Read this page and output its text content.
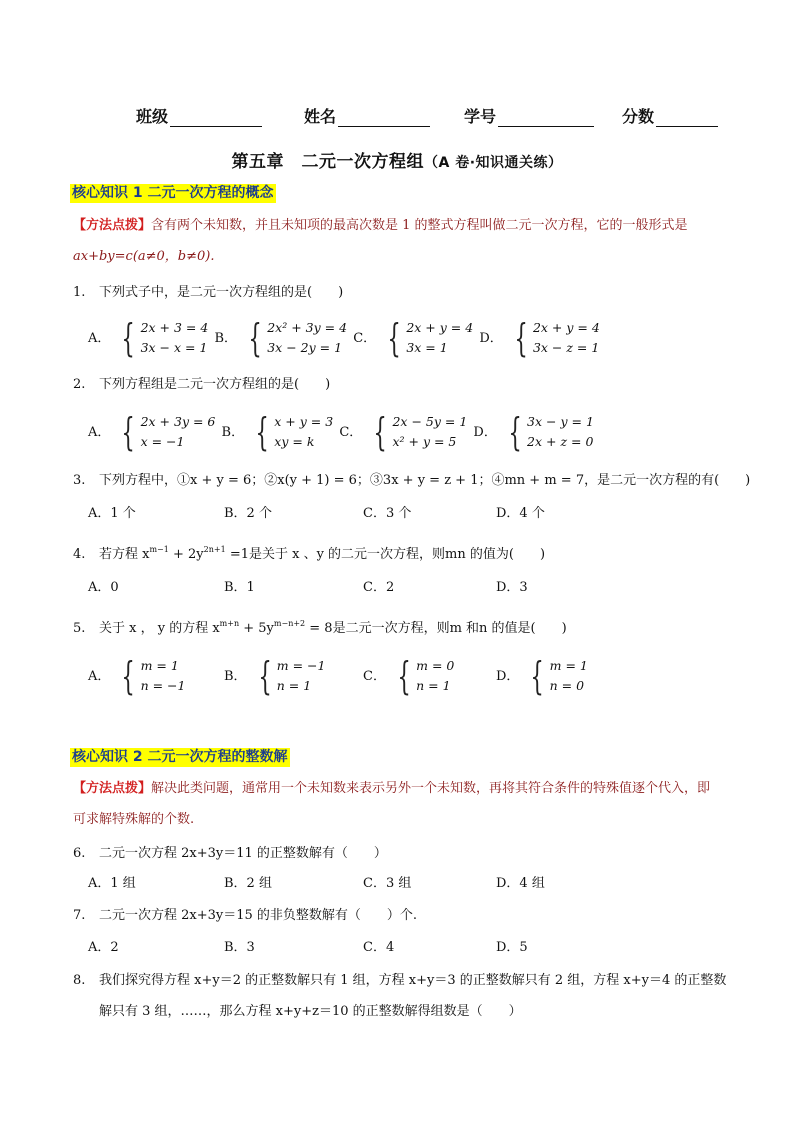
班级	姓名	学号	分数
第五章　二元一次方程组（A 卷·知识通关练）
核心知识 1 二元一次方程的概念
【方法点拨】含有两个未知数，并且未知项的最高次数是 1 的整式方程叫做二元一次方程，它的一般形式是 ax+by=c(a≠0，b≠0).
1. 下列式子中，是二元一次方程组的是(　　)
A． { 2x + 3 = 4
3x − x = 1
B． { 2x² + 3y = 4
3x − 2y = 1
C． { 2x + y = 4
3x = 1
D． { 2x + y = 4
3x − z = 1
2. 下列方程组是二元一次方程组的是(　　)
A． { 2x + 3y = 6
x = −1
B． { x + y = 3
xy = k
C． { 2x − 5y = 1
x² + y = 5
D． { 3x − y = 1
2x + z = 0
3. 下列方程中，①x + y = 6；②x(y + 1) = 6；③3x + y = z + 1；④mn + m = 7，是二元一次方程的有(　　)
A．1 个	B．2 个	C．3 个	D．4 个
4. 若方程 $x^{m-1} + 2y^{2n+1} =1$是关于 x 、y 的二元一次方程，则mn 的值为(　　)
A．0	B．1	C．2	D．3
5. 关于 x ， y 的方程 $x^{m+n} + 5y^{m-n+2} = 8$是二元一次方程，则m 和n 的值是(　　)
A． { m = 1
n = −1
B． { m = −1
n = 1
C． { m = 0
n = 1
D． { m = 1
n = 0
核心知识 2 二元一次方程的整数解
【方法点拨】解决此类问题，通常用一个未知数来表示另外一个未知数，再将其符合条件的特殊值逐个代入，即可求解特殊解的个数.
6. 二元一次方程 2x+3y＝11 的正整数解有（　　）
A．1 组	B．2 组	C．3 组	D．4 组
7. 二元一次方程 2x+3y＝15 的非负整数解有（　　）个.
A．2	B．3	C．4	D．5
8. 我们探究得方程 x+y＝2 的正整数解只有 1 组，方程 x+y＝3 的正整数解只有 2 组，方程 x+y＝4 的正整数解只有 3 组，……，那么方程 x+y+z＝10 的正整数解得组数是（　　）
